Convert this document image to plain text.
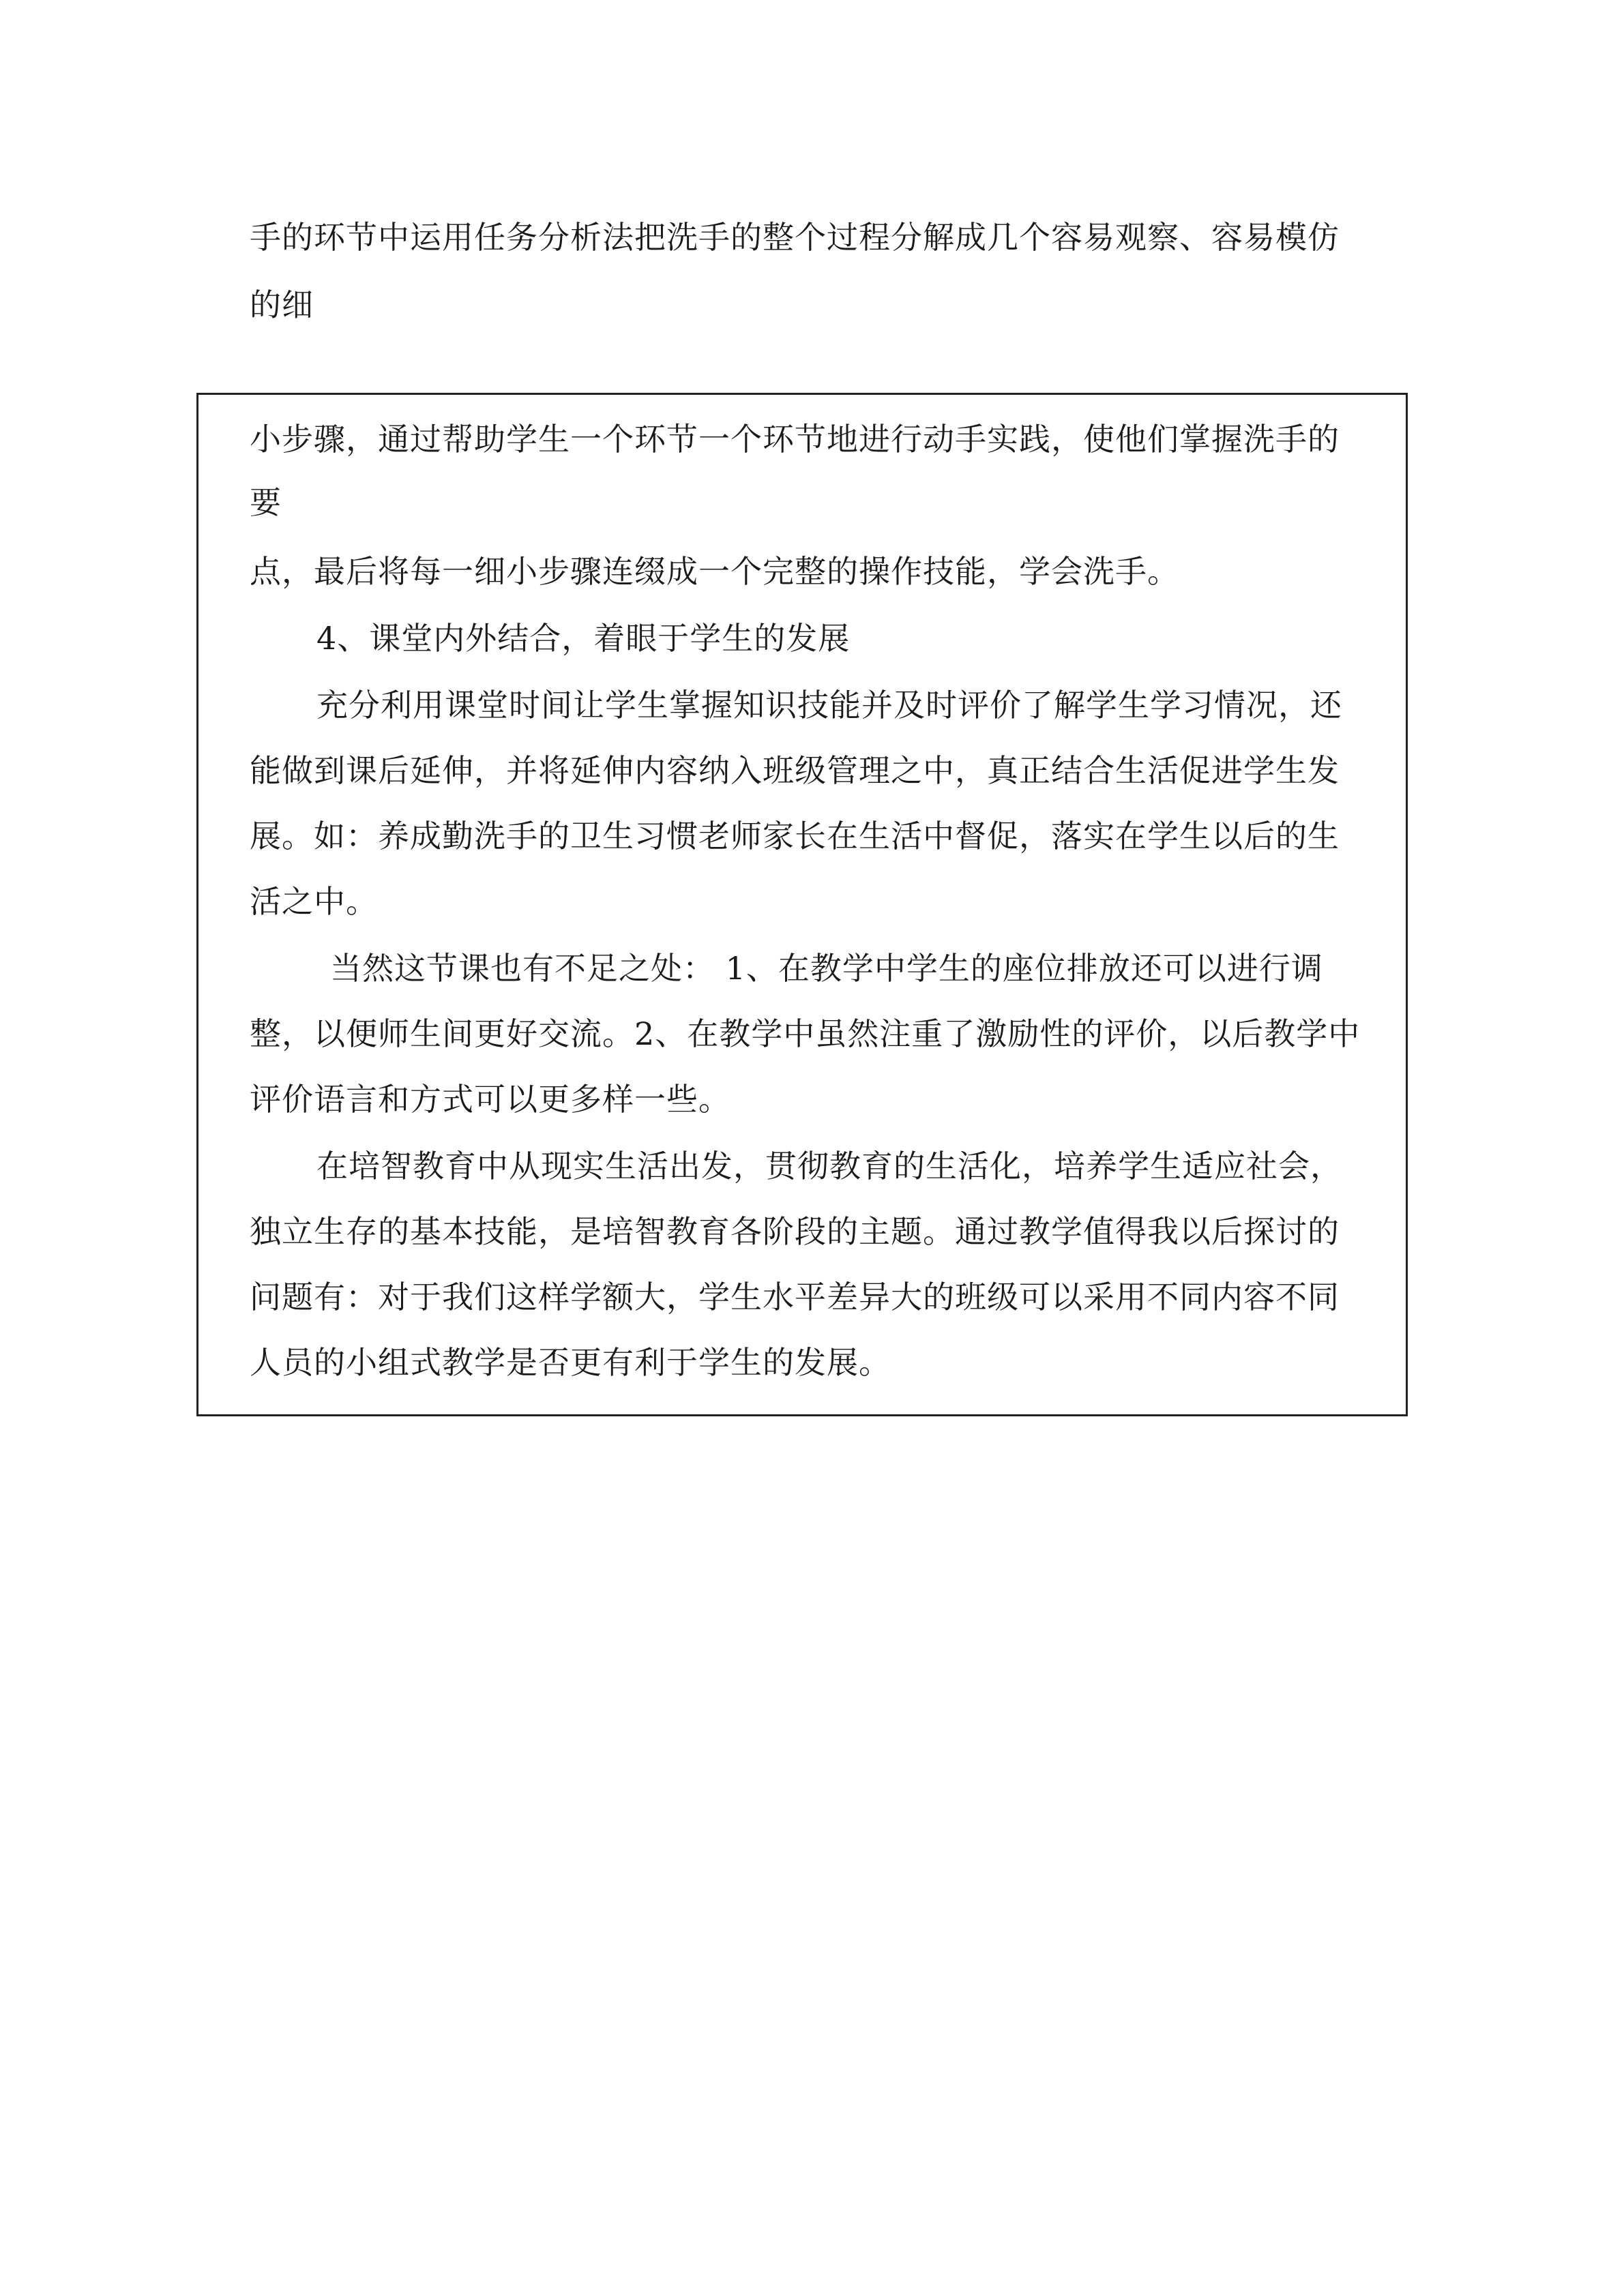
手的环节中运用任务分析法把洗手的整个过程分解成几个容易观察、容易模仿
的细
小步骤，通过帮助学生一个环节一个环节地进行动手实践，使他们掌握洗手的
要
点，最后将每一细小步骤连缀成一个完整的操作技能，学会洗手。
4、课堂内外结合，着眼于学生的发展
充分利用课堂时间让学生掌握知识技能并及时评价了解学生学习情况，还
能做到课后延伸，并将延伸内容纳入班级管理之中，真正结合生活促进学生发
展。如：养成勤洗手的卫生习惯老师家长在生活中督促，落实在学生以后的生
活之中。
当然这节课也有不足之处： 1、在教学中学生的座位排放还可以进行调
整，以便师生间更好交流。2、在教学中虽然注重了激励性的评价，以后教学中
评价语言和方式可以更多样一些。
在培智教育中从现实生活出发，贯彻教育的生活化，培养学生适应社会，
独立生存的基本技能，是培智教育各阶段的主题。通过教学值得我以后探讨的
问题有：对于我们这样学额大，学生水平差异大的班级可以采用不同内容不同
人员的小组式教学是否更有利于学生的发展。
